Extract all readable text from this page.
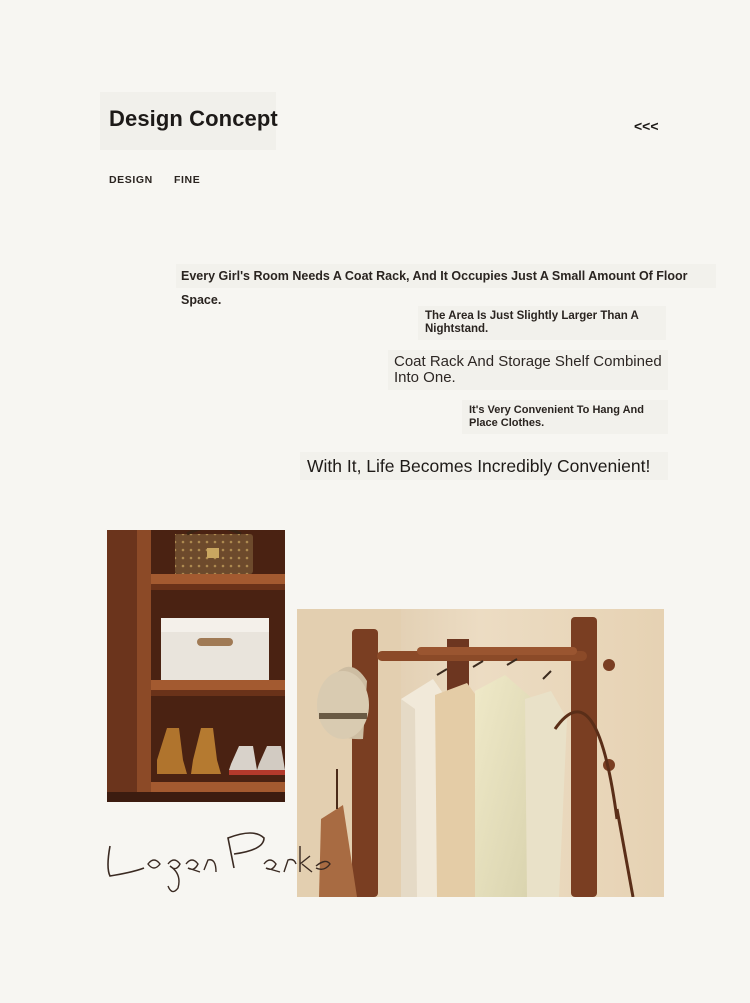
Design Concept	<<<
DESIGN FINE
Every Girl's Room Needs A Coat Rack, And It Occupies Just A Small Amount Of Floor Space.
The Area Is Just Slightly Larger Than A Nightstand.
Coat Rack And Storage Shelf Combined Into One.
It's Very Convenient To Hang And Place Clothes.
With It, Life Becomes Incredibly Convenient!
